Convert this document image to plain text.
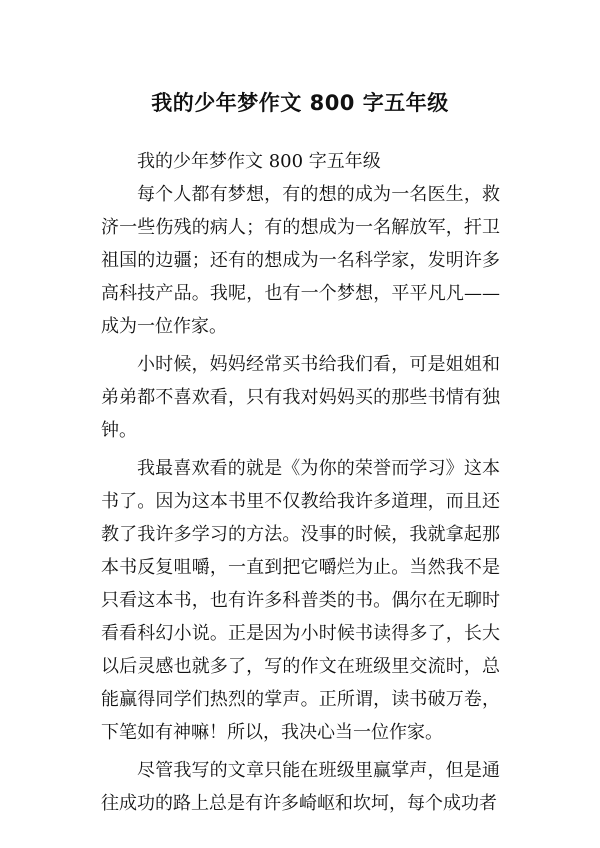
我的少年梦作文 800 字五年级

我的少年梦作文 800 字五年级

每个人都有梦想，有的想的成为一名医生，救济一些伤残的病人；有的想成为一名解放军，扞卫祖国的边疆；还有的想成为一名科学家，发明许多高科技产品。我呢，也有一个梦想，平平凡凡——成为一位作家。

小时候，妈妈经常买书给我们看，可是姐姐和弟弟都不喜欢看，只有我对妈妈买的那些书情有独钟。

我最喜欢看的就是《为你的荣誉而学习》这本书了。因为这本书里不仅教给我许多道理，而且还教了我许多学习的方法。没事的时候，我就拿起那本书反复咀嚼，一直到把它嚼烂为止。当然我不是只看这本书，也有许多科普类的书。偶尔在无聊时看看科幻小说。正是因为小时候书读得多了，长大以后灵感也就多了，写的作文在班级里交流时，总能赢得同学们热烈的掌声。正所谓，读书破万卷，下笔如有神嘛！所以，我决心当一位作家。

尽管我写的文章只能在班级里赢掌声，但是通往成功的路上总是有许多崎岖和坎坷，每个成功者
